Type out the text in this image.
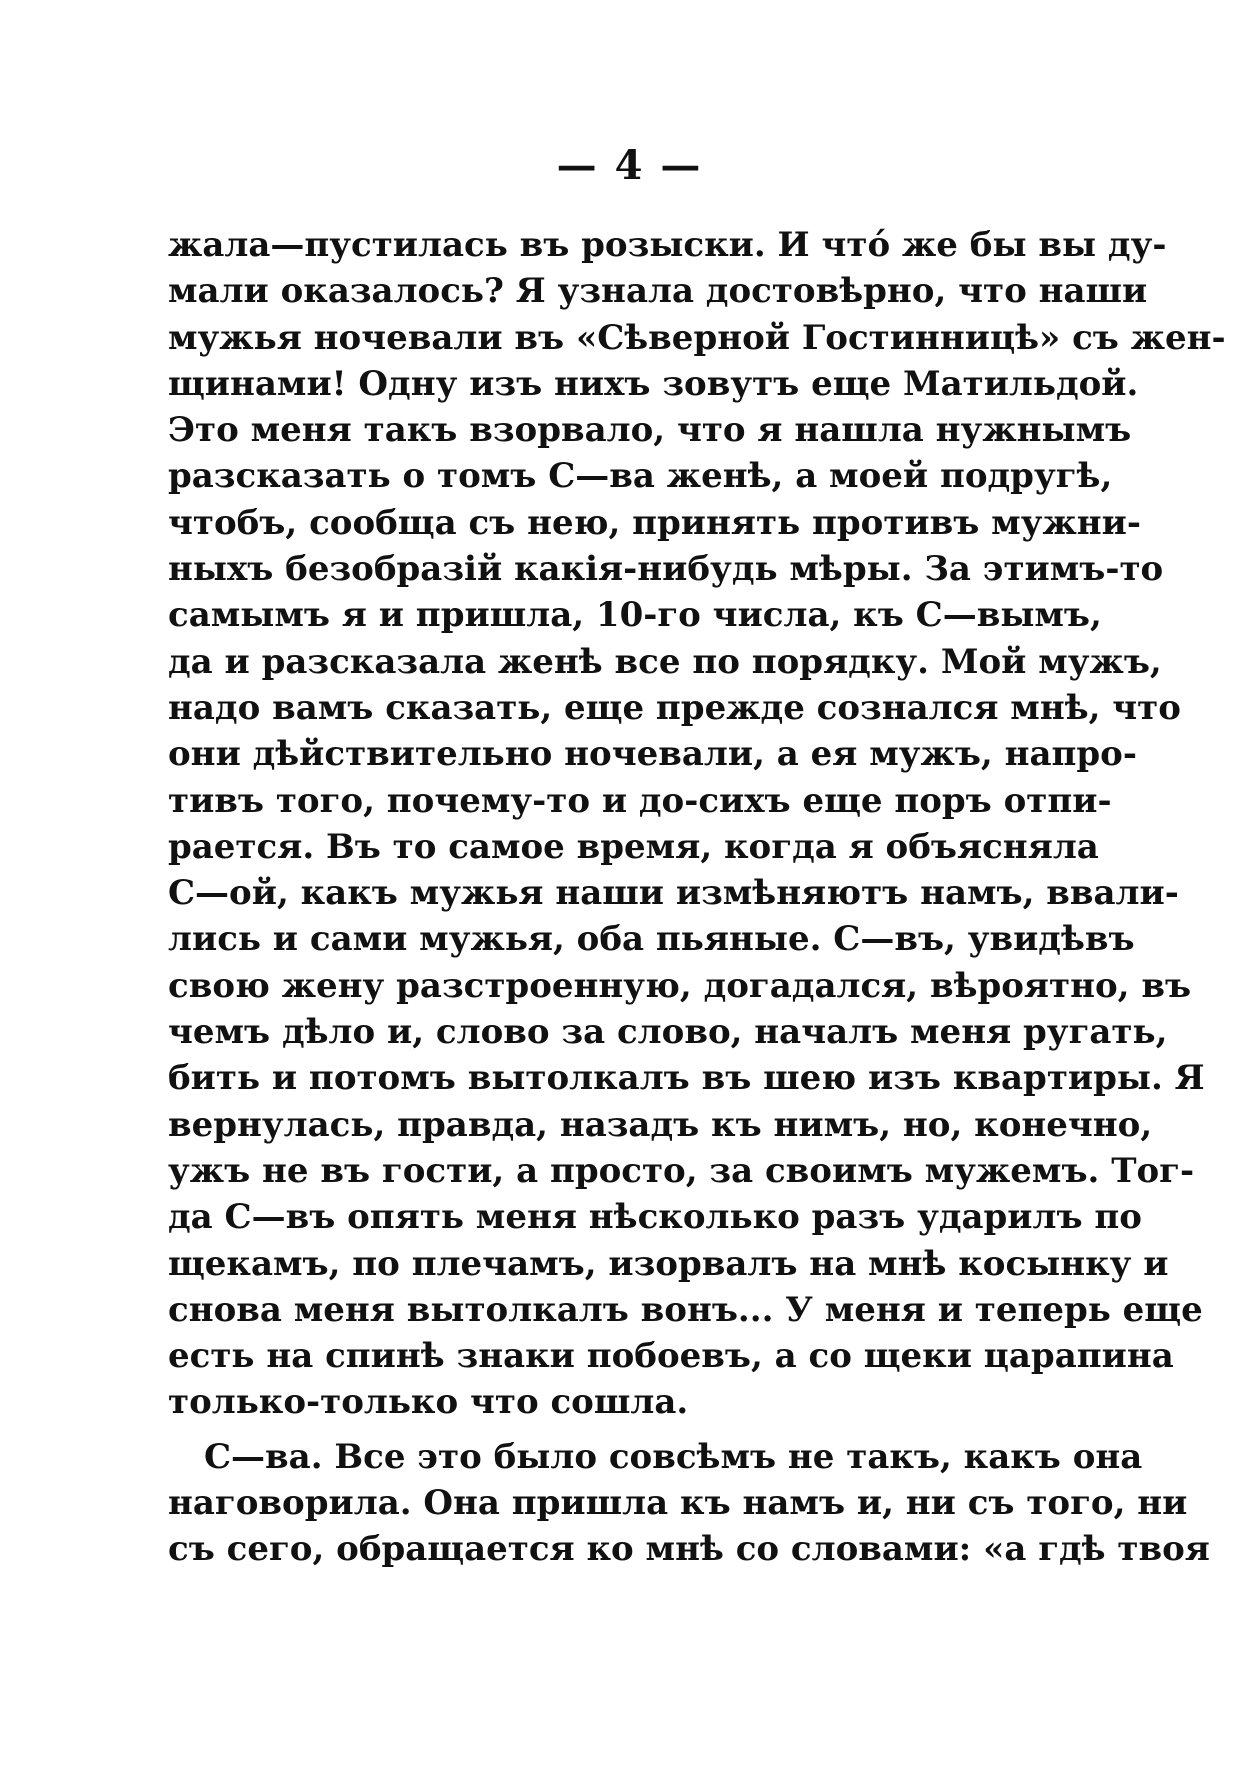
— 4 —
жала—пустилась въ розыски. И что́ же бы вы ду-
мали оказалось? Я узнала достовѣрно, что наши
мужья ночевали въ «Сѣверной Гостинницѣ» съ жен-
щинами! Одну изъ нихъ зовутъ еще Матильдой.
Это меня такъ взорвало, что я нашла нужнымъ
разсказать о томъ С—ва женѣ, а моей подругѣ,
чтобъ, сообща съ нею, принять противъ мужни-
ныхъ безобразій какія-нибудь мѣры. За этимъ-то
самымъ я и пришла, 10-го числа, къ С—вымъ,
да и разсказала женѣ все по порядку. Мой мужъ,
надо вамъ сказать, еще прежде сознался мнѣ, что
они дѣйствительно ночевали, а ея мужъ, напро-
тивъ того, почему-то и до-сихъ еще поръ отпи-
рается. Въ то самое время, когда я объясняла
С—ой, какъ мужья наши измѣняютъ намъ, ввали-
лись и сами мужья, оба пьяные. С—въ, увидѣвъ
свою жену разстроенную, догадался, вѣроятно, въ
чемъ дѣло и, слово за слово, началъ меня ругать,
бить и потомъ вытолкалъ въ шею изъ квартиры. Я
вернулась, правда, назадъ къ нимъ, но, конечно,
ужъ не въ гости, а просто, за своимъ мужемъ. Тог-
да С—въ опять меня нѣсколько разъ ударилъ по
щекамъ, по плечамъ, изорвалъ на мнѣ косынку и
снова меня вытолкалъ вонъ... У меня и теперь еще
есть на спинѣ знаки побоевъ, а со щеки царапина
только-только что сошла.
С—ва. Все это было совсѣмъ не такъ, какъ она
наговорила. Она пришла къ намъ и, ни съ того, ни
съ сего, обращается ко мнѣ со словами: «а гдѣ твоя
